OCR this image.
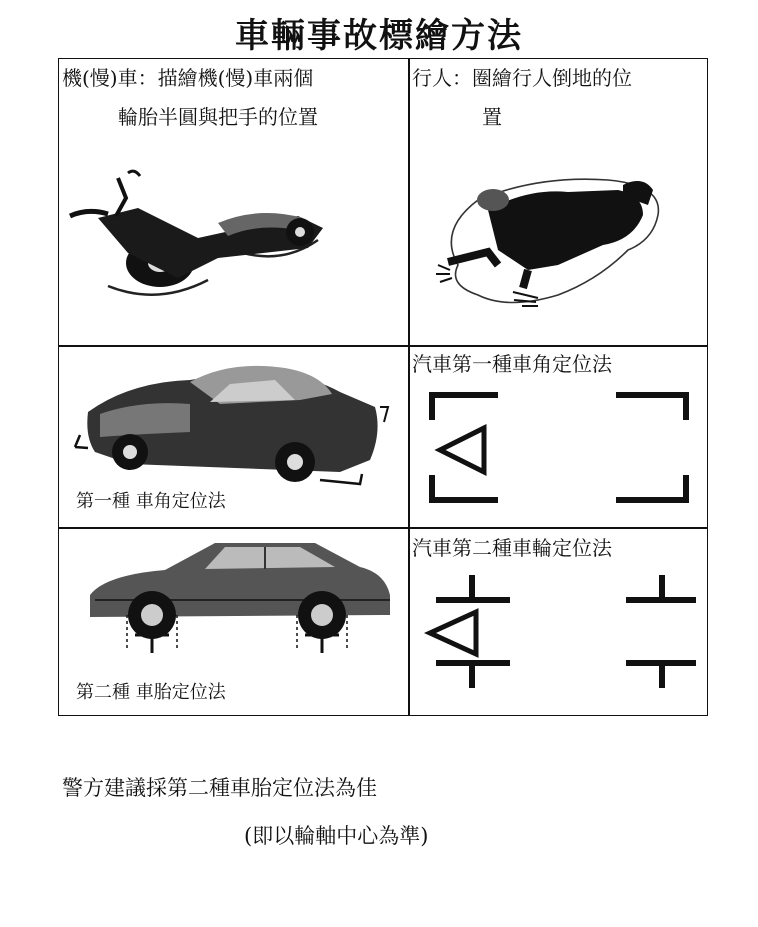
車輛事故標繪方法
機(慢)車：描繪機(慢)車兩個
輪胎半圓與把手的位置
行人：圈繪行人倒地的位
置
第一種 車角定位法
汽車第一種車角定位法
第二種 車胎定位法
汽車第二種車輪定位法
警方建議採第二種車胎定位法為佳
(即以輪軸中心為準)
